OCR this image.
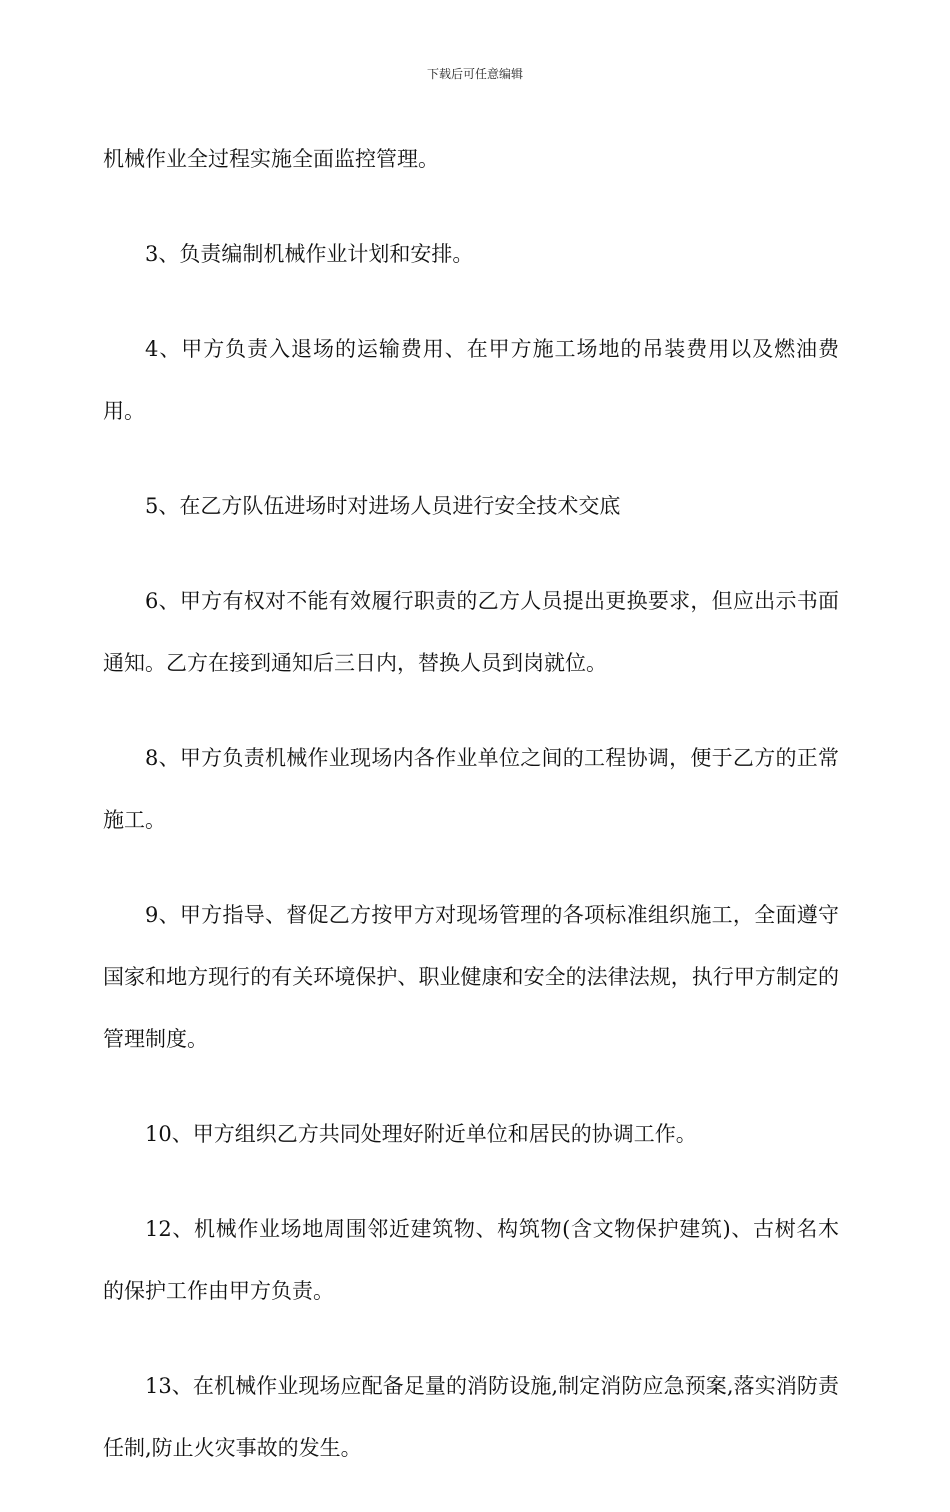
下载后可任意编辑

机械作业全过程实施全面监控管理。

3、负责编制机械作业计划和安排。

4、甲方负责入退场的运输费用、在甲方施工场地的吊装费用以及燃油费用。

5、在乙方队伍进场时对进场人员进行安全技术交底

6、甲方有权对不能有效履行职责的乙方人员提出更换要求，但应出示书面通知。乙方在接到通知后三日内，替换人员到岗就位。

8、甲方负责机械作业现场内各作业单位之间的工程协调，便于乙方的正常施工。

9、甲方指导、督促乙方按甲方对现场管理的各项标准组织施工，全面遵守国家和地方现行的有关环境保护、职业健康和安全的法律法规，执行甲方制定的管理制度。

10、甲方组织乙方共同处理好附近单位和居民的协调工作。

12、机械作业场地周围邻近建筑物、构筑物(含文物保护建筑)、古树名木的保护工作由甲方负责。

13、在机械作业现场应配备足量的消防设施,制定消防应急预案,落实消防责任制,防止火灾事故的发生。
